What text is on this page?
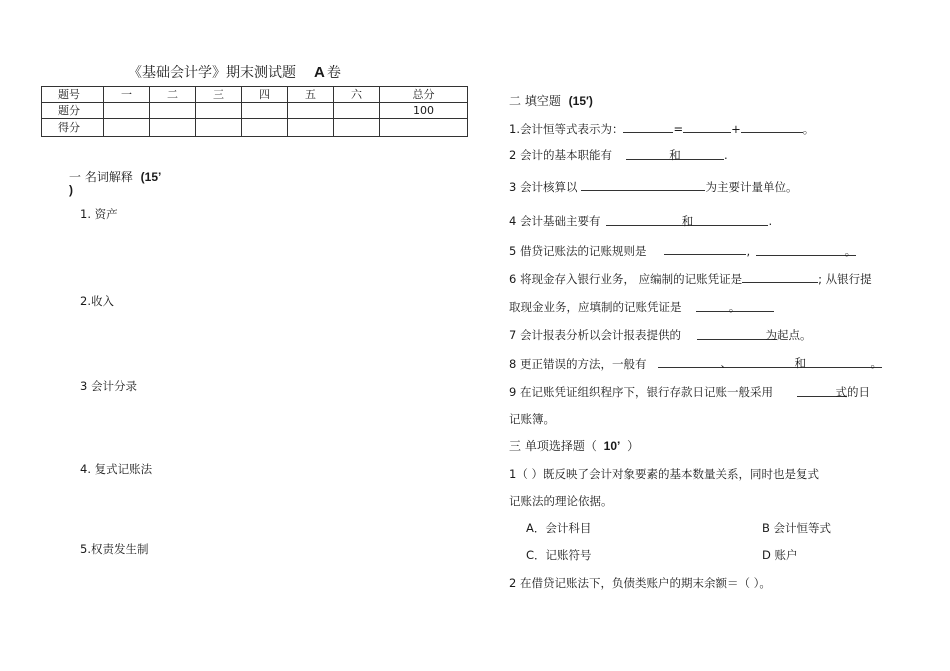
《基础会计学》期末测试题 A 卷
题号	一	二	三	四	五	六	总分
题分							100
得分							
一 名词解释 (15’
)
1. 资产
2.收入
3 会计分录
4. 复式记账法
5.权责发生制
二 填空题 (15′)
1.会计恒等式表示为：	=	+	。
2 会计的基本职能有	和	.
3 会计核算以	为主要计量单位。
4 会计基础主要有	和	.
5 借贷记账法的记账规则是	,	。
6 将现金存入银行业务， 应编制的记账凭证是	; 从银行提
取现金业务，应填制的记账凭证是	。
7 会计报表分析以会计报表提供的	为起点。
8 更正错误的方法，一般有	、	和	。
9 在记账凭证组织程序下，银行存款日记账一般采用	式的日
记账簿。
三 单项选择题（ 10’ ）
1（ ）既反映了会计对象要素的基本数量关系，同时也是复式
记账法的理论依据。
A．会计科目	B 会计恒等式
C．记账符号	D 账户
2 在借贷记账法下，负债类账户的期末余额＝（ ）。
